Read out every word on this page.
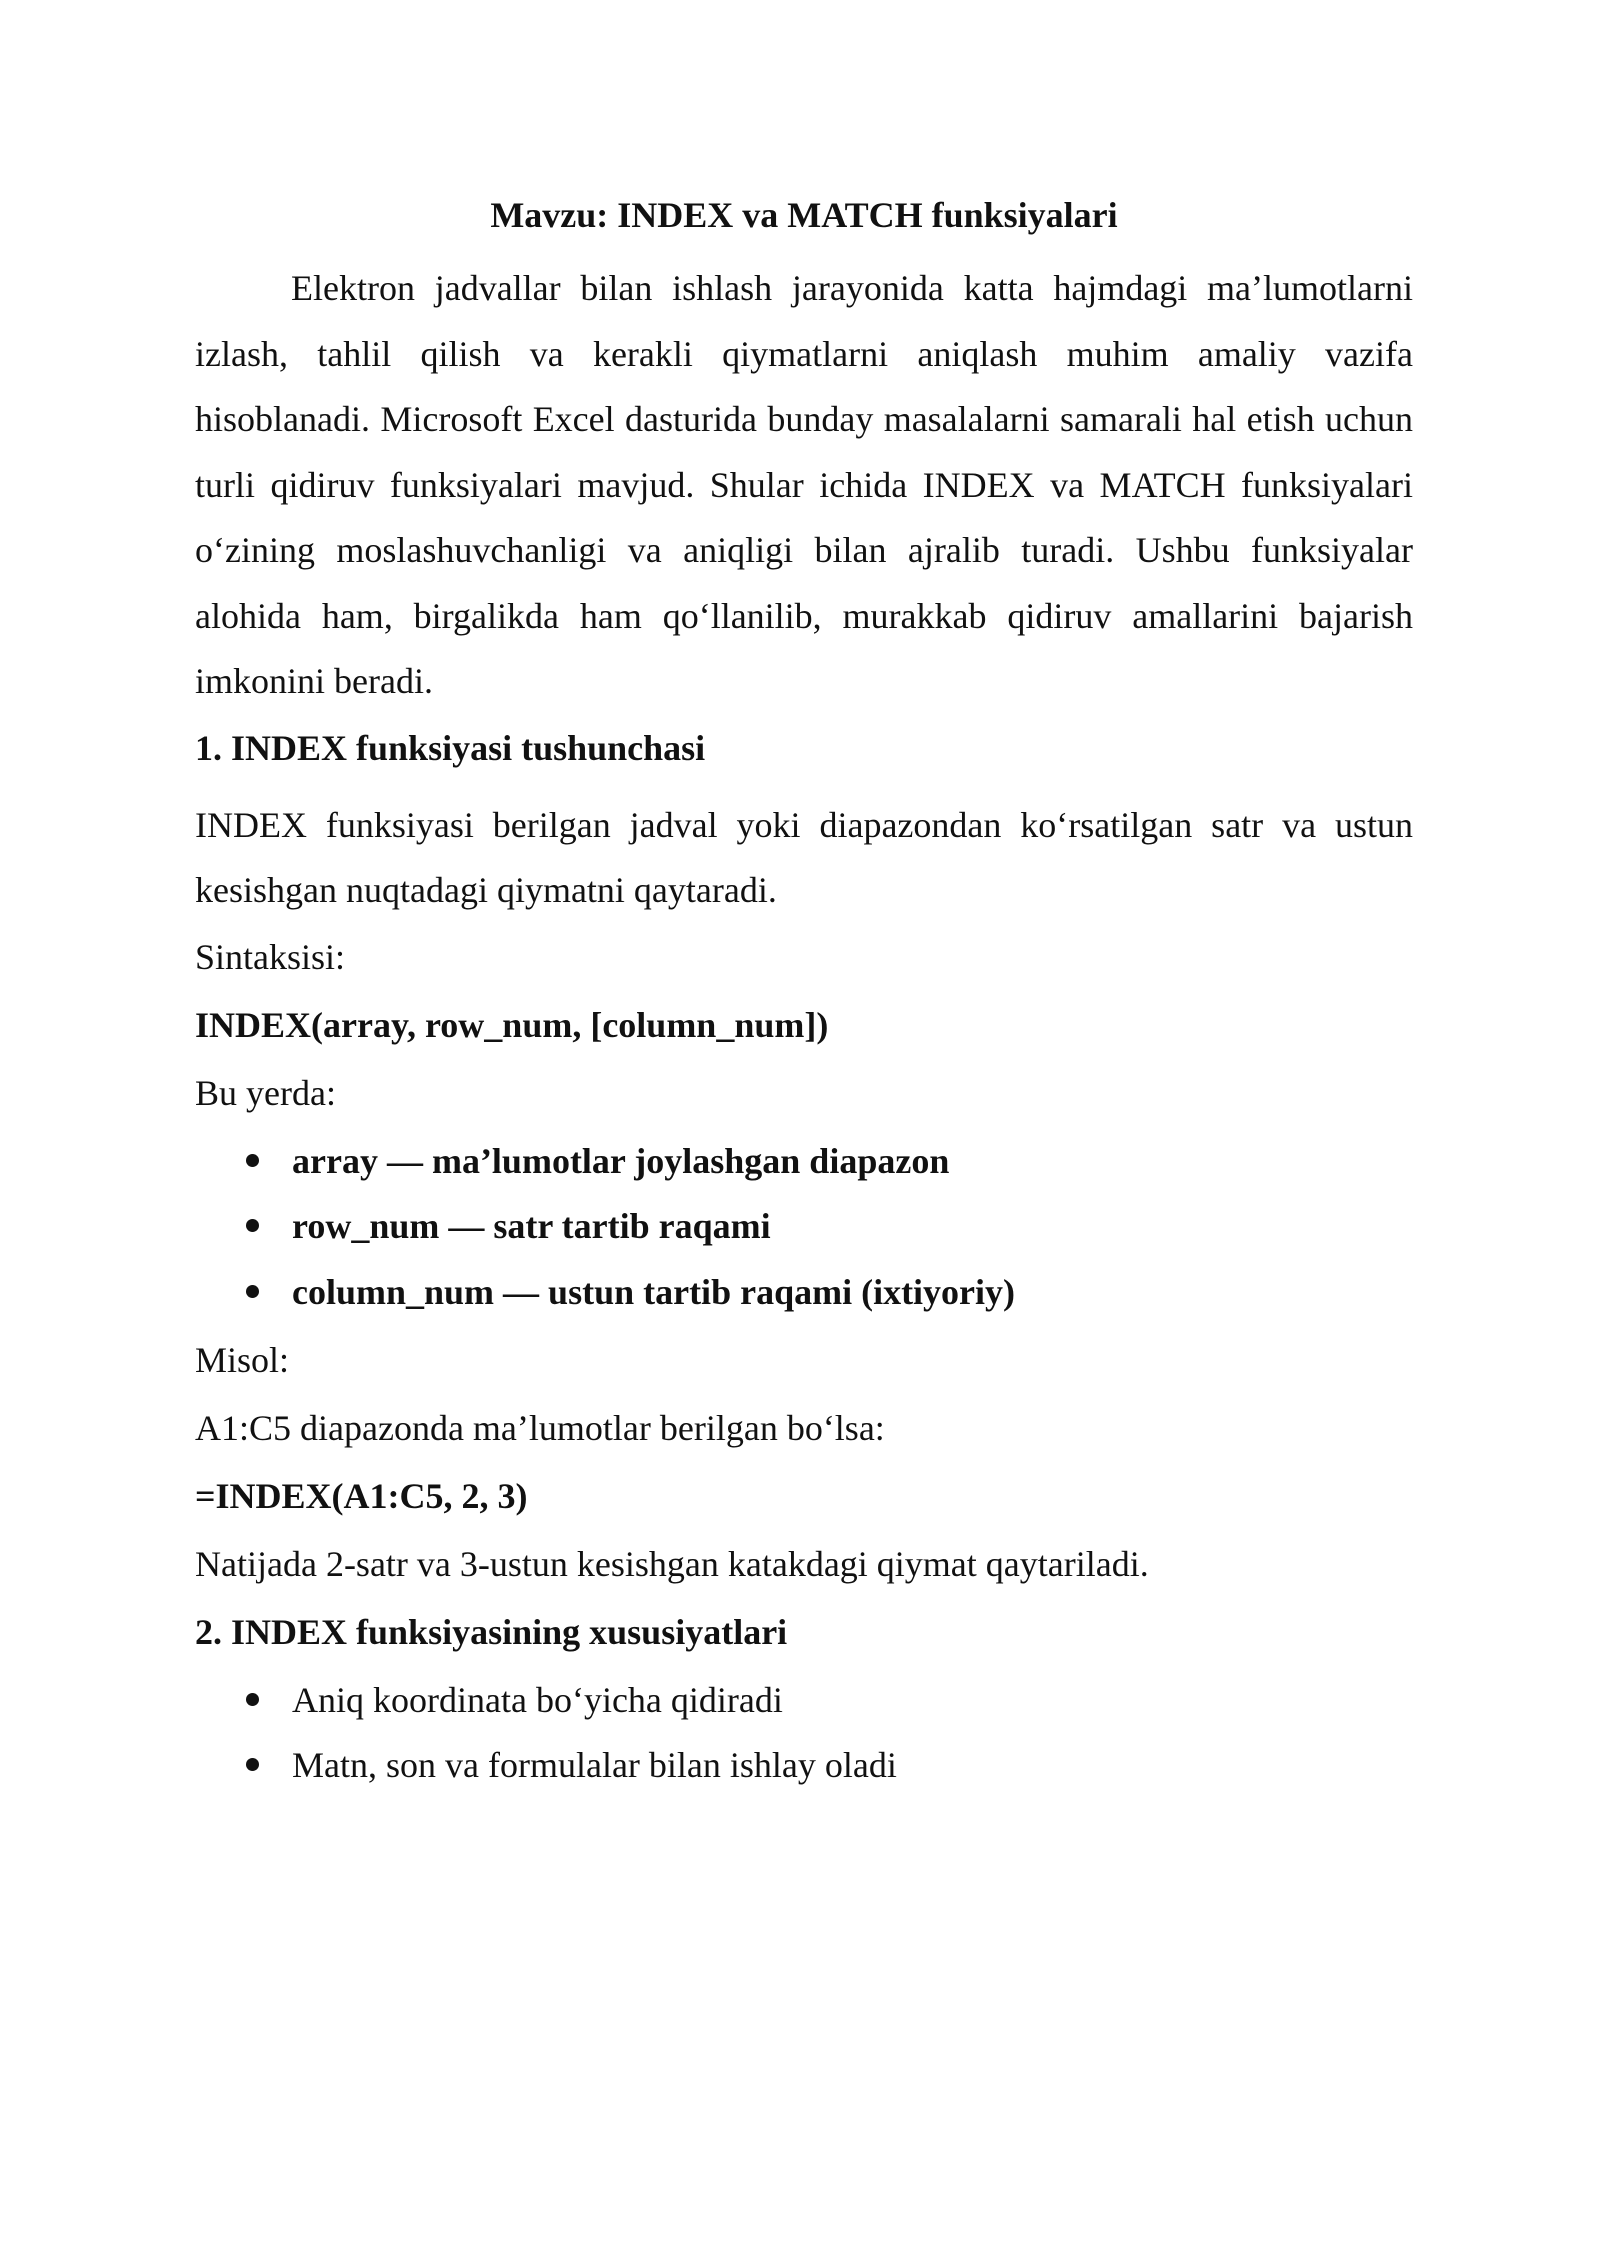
Mavzu: INDEX va MATCH funksiyalari

Elektron jadvallar bilan ishlash jarayonida katta hajmdagi ma’lumotlarni izlash, tahlil qilish va kerakli qiymatlarni aniqlash muhim amaliy vazifa hisoblanadi. Microsoft Excel dasturida bunday masalalarni samarali hal etish uchun turli qidiruv funksiyalari mavjud. Shular ichida INDEX va MATCH funksiyalari o‘zining moslashuvchanligi va aniqligi bilan ajralib turadi. Ushbu funksiyalar alohida ham, birgalikda ham qo‘llanilib, murakkab qidiruv amallarini bajarish imkonini beradi.

1. INDEX funksiyasi tushunchasi

INDEX funksiyasi berilgan jadval yoki diapazondan ko‘rsatilgan satr va ustun kesishgan nuqtadagi qiymatni qaytaradi.

Sintaksisi:
INDEX(array, row_num, [column_num])
Bu yerda:
array — ma’lumotlar joylashgan diapazon
row_num — satr tartib raqami
column_num — ustun tartib raqami (ixtiyoriy)
Misol:
A1:C5 diapazonda ma’lumotlar berilgan bo‘lsa:
=INDEX(A1:C5, 2, 3)
Natijada 2-satr va 3-ustun kesishgan katakdagi qiymat qaytariladi.
2. INDEX funksiyasining xususiyatlari
Aniq koordinata bo‘yicha qidiradi
Matn, son va formulalar bilan ishlay oladi
